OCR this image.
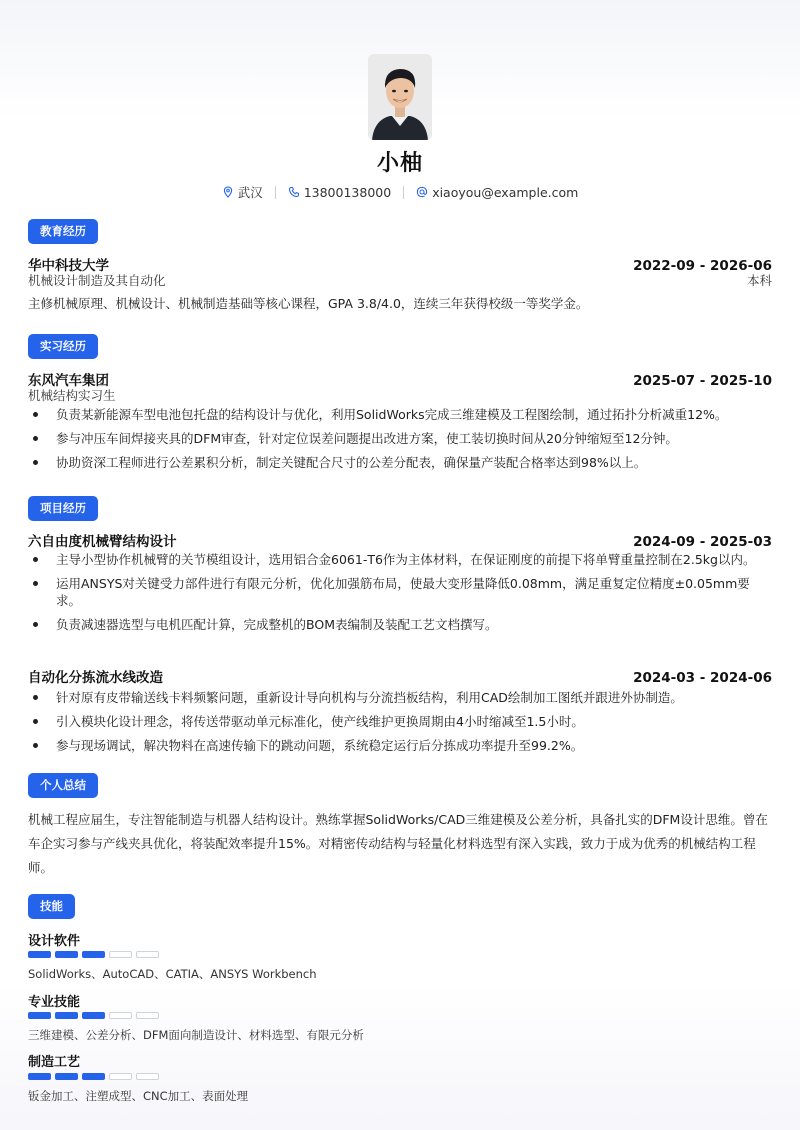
小柚
武汉	13800138000	xiaoyou@example.com
教育经历
华中科技大学	2022-09 - 2026-06
机械设计制造及其自动化	本科
主修机械原理、机械设计、机械制造基础等核心课程，GPA 3.8/4.0，连续三年获得校级一等奖学金。
实习经历
东风汽车集团	2025-07 - 2025-10
机械结构实习生
负责某新能源车型电池包托盘的结构设计与优化，利用SolidWorks完成三维建模及工程图绘制，通过拓扑分析减重12%。
参与冲压车间焊接夹具的DFM审查，针对定位误差问题提出改进方案，使工装切换时间从20分钟缩短至12分钟。
协助资深工程师进行公差累积分析，制定关键配合尺寸的公差分配表，确保量产装配合格率达到98%以上。
项目经历
六自由度机械臂结构设计	2024-09 - 2025-03
主导小型协作机械臂的关节模组设计，选用铝合金6061-T6作为主体材料，在保证刚度的前提下将单臂重量控制在2.5kg以内。
运用ANSYS对关键受力部件进行有限元分析，优化加强筋布局，使最大变形量降低0.08mm，满足重复定位精度±0.05mm要求。
负责减速器选型与电机匹配计算，完成整机的BOM表编制及装配工艺文档撰写。
自动化分拣流水线改造	2024-03 - 2024-06
针对原有皮带输送线卡料频繁问题，重新设计导向机构与分流挡板结构，利用CAD绘制加工图纸并跟进外协制造。
引入模块化设计理念，将传送带驱动单元标准化，使产线维护更换周期由4小时缩减至1.5小时。
参与现场调试，解决物料在高速传输下的跳动问题，系统稳定运行后分拣成功率提升至99.2%。
个人总结
机械工程应届生，专注智能制造与机器人结构设计。熟练掌握SolidWorks/CAD三维建模及公差分析，具备扎实的DFM设计思维。曾在车企实习参与产线夹具优化，将装配效率提升15%。对精密传动结构与轻量化材料选型有深入实践，致力于成为优秀的机械结构工程师。
技能
设计软件
SolidWorks、AutoCAD、CATIA、ANSYS Workbench
专业技能
三维建模、公差分析、DFM面向制造设计、材料选型、有限元分析
制造工艺
钣金加工、注塑成型、CNC加工、表面处理
